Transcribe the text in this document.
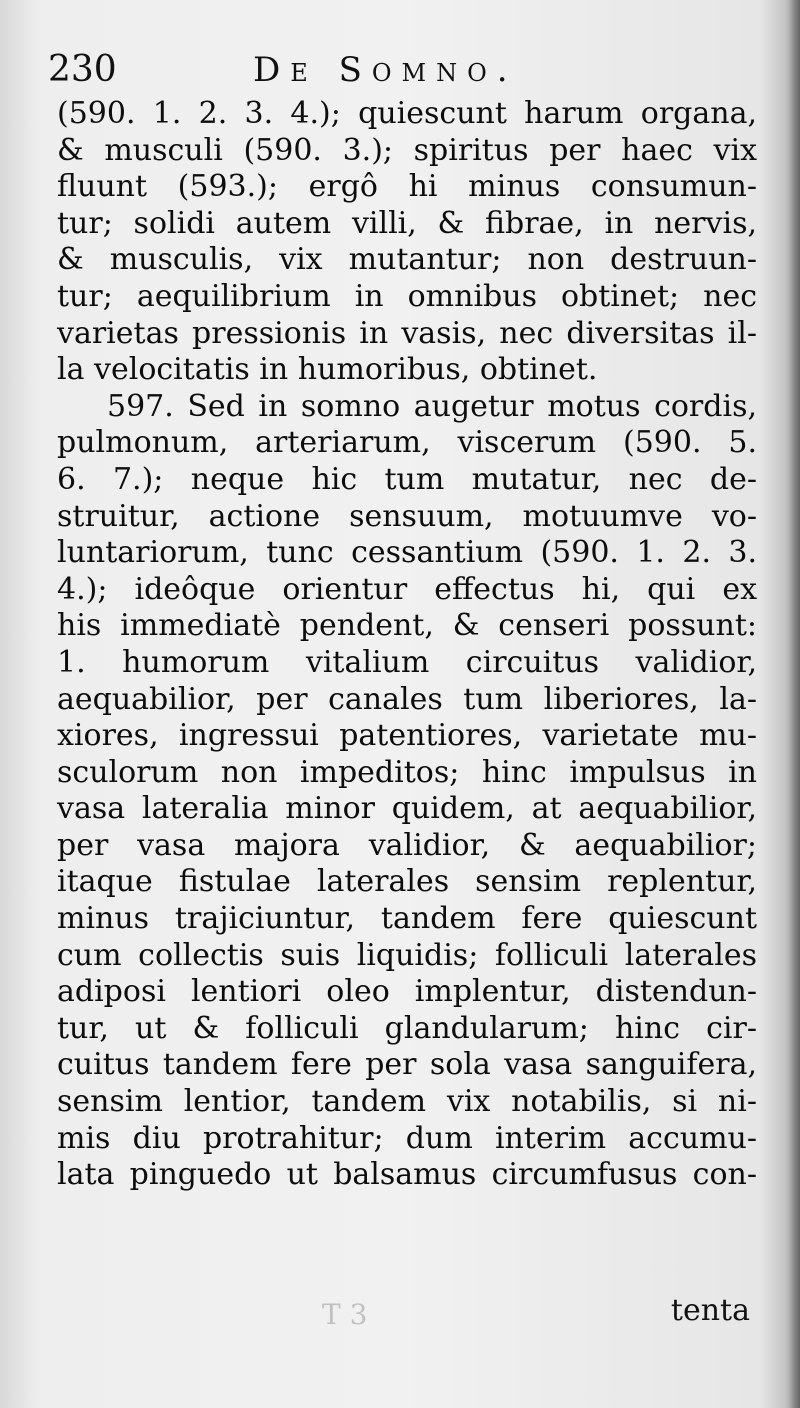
230	De Somno.
(590. 1. 2. 3. 4.); quiescunt harum organa,
& musculi (590. 3.); spiritus per haec vix
fluunt (593.); ergô hi minus consumun-
tur; solidi autem villi, & fibrae, in nervis,
& musculis, vix mutantur; non destruun-
tur; aequilibrium in omnibus obtinet; nec
varietas pressionis in vasis, nec diversitas il-
la velocitatis in humoribus, obtinet.
597. Sed in somno augetur motus cordis,
pulmonum, arteriarum, viscerum (590. 5.
6. 7.); neque hic tum mutatur, nec de-
struitur, actione sensuum, motuumve vo-
luntariorum, tunc cessantium (590. 1. 2. 3.
4.); ideôque orientur effectus hi, qui ex
his immediatè pendent, & censeri possunt:
1. humorum vitalium circuitus validior,
aequabilior, per canales tum liberiores, la-
xiores, ingressui patentiores, varietate mu-
sculorum non impeditos; hinc impulsus in
vasa lateralia minor quidem, at aequabilior,
per vasa majora validior, & aequabilior;
itaque fistulae laterales sensim replentur,
minus trajiciuntur, tandem fere quiescunt
cum collectis suis liquidis; folliculi laterales
adiposi lentiori oleo implentur, distendun-
tur, ut & folliculi glandularum; hinc cir-
cuitus tandem fere per sola vasa sanguifera,
sensim lentior, tandem vix notabilis, si ni-
mis diu protrahitur; dum interim accumu-
lata pinguedo ut balsamus circumfusus con-
T 3	tenta
